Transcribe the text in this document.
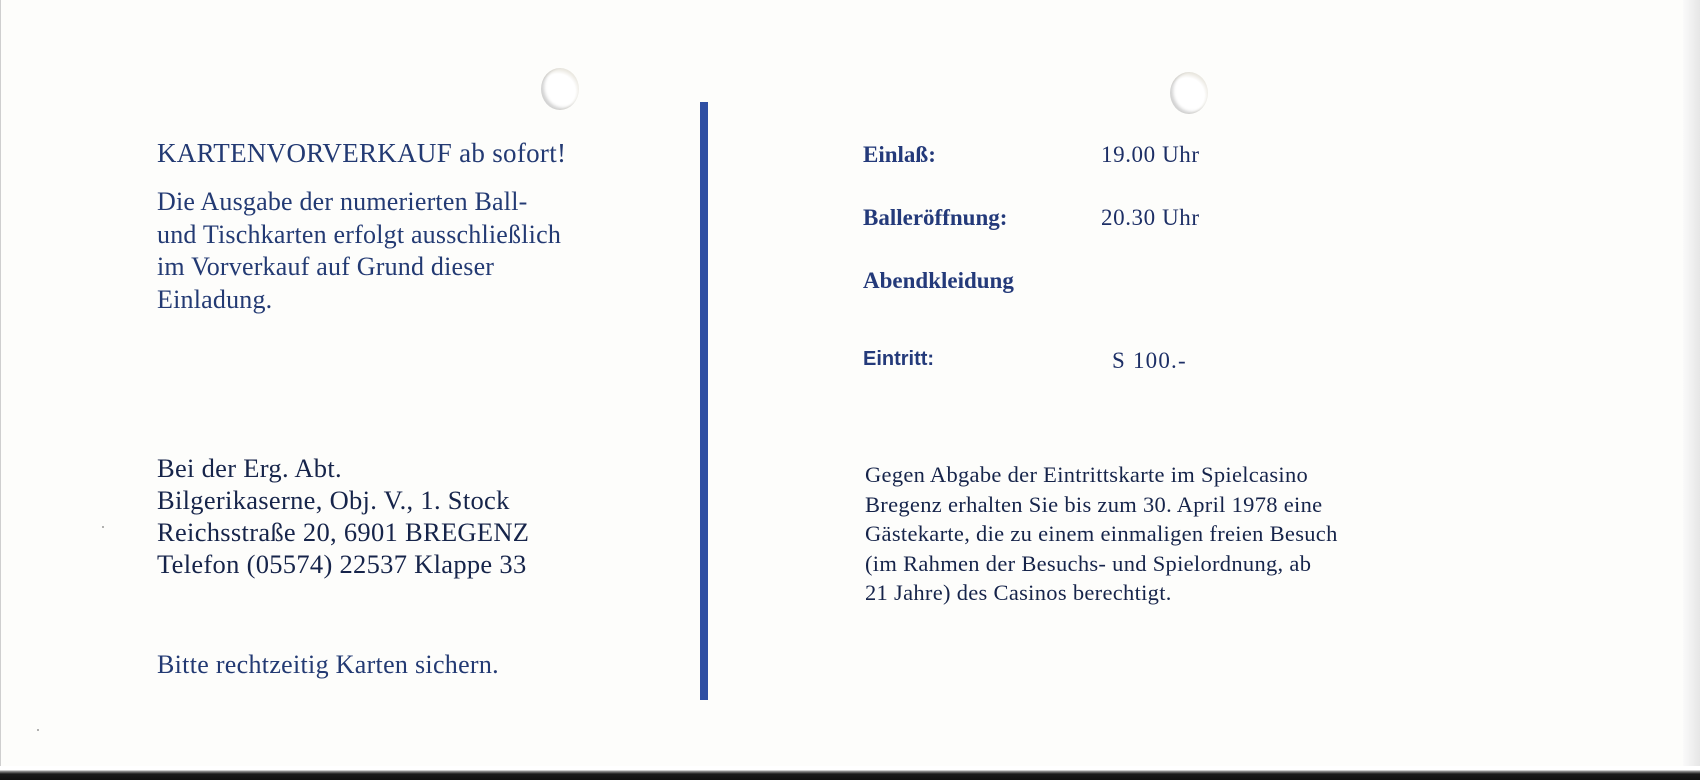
KARTENVORVERKAUF ab sofort!
Die Ausgabe der numerierten Ball-
und Tischkarten erfolgt ausschließlich
im Vorverkauf auf Grund dieser
Einladung.
Bei der Erg. Abt.
Bilgerikaserne, Obj. V., 1. Stock
Reichsstraße 20, 6901 BREGENZ
Telefon (05574) 22537 Klappe 33
Bitte rechtzeitig Karten sichern.
Einlaß:	19.00 Uhr
Balleröffnung:	20.30 Uhr
Abendkleidung
Eintritt:	S 100.-
Gegen Abgabe der Eintrittskarte im Spielcasino
Bregenz erhalten Sie bis zum 30. April 1978 eine
Gästekarte, die zu einem einmaligen freien Besuch
(im Rahmen der Besuchs- und Spielordnung, ab
21 Jahre) des Casinos berechtigt.
